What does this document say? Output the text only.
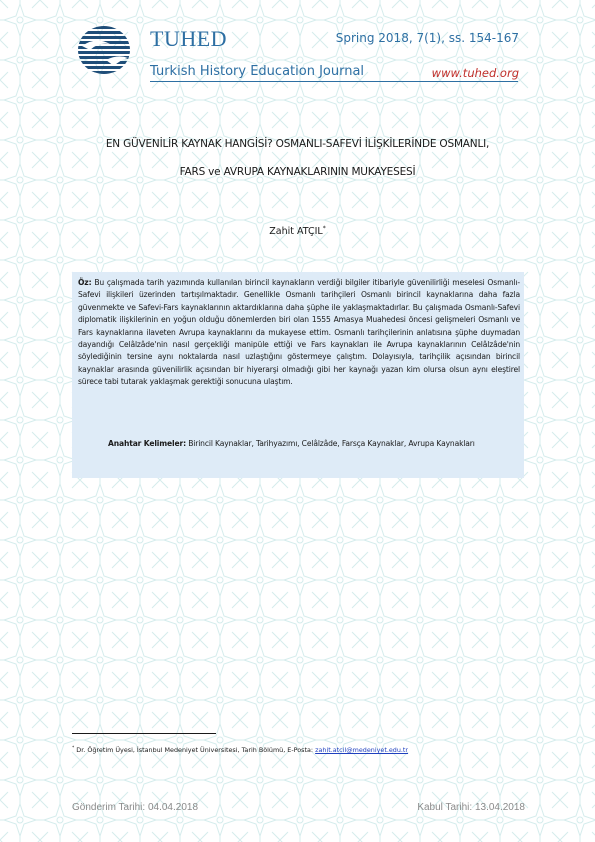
TUHED	Spring 2018, 7(1), ss. 154-167
Turkish History Education Journal	www.tuhed.org
EN GÜVENİLİR KAYNAK HANGİSİ? OSMANLI-SAFEVİ İLİŞKİLERİNDE OSMANLI,
FARS ve AVRUPA KAYNAKLARININ MUKAYESESİ
Zahit ATÇIL*
Öz: Bu çalışmada tarih yazımında kullanılan birincil kaynakların verdiği bilgiler itibariyle güvenilirliği meselesi Osmanlı-Safevi ilişkileri üzerinden tartışılmaktadır. Genellikle Osmanlı tarihçileri Osmanlı birincil kaynaklarına daha fazla güvenmekte ve Safevi-Fars kaynaklarının aktardıklarına daha şüphe ile yaklaşmaktadırlar. Bu çalışmada Osmanlı-Safevi diplomatik ilişkilerinin en yoğun olduğu dönemlerden biri olan 1555 Amasya Muahedesi öncesi gelişmeleri Osmanlı ve Fars kaynaklarına ilaveten Avrupa kaynaklarını da mukayese ettim. Osmanlı tarihçilerinin anlatısına şüphe duymadan dayandığı Celâlzâde'nin nasıl gerçekliği manipüle ettiği ve Fars kaynakları ile Avrupa kaynaklarının Celâlzâde'nin söylediğinin tersine aynı noktalarda nasıl uzlaştığını göstermeye çalıştım. Dolayısıyla, tarihçilik açısından birincil kaynaklar arasında güvenilirlik açısından bir hiyerarşi olmadığı gibi her kaynağı yazan kim olursa olsun aynı eleştirel sürece tabi tutarak yaklaşmak gerektiği sonucuna ulaştım.
Anahtar Kelimeler: Birincil Kaynaklar, Tarihyazımı, Celâlzâde, Farsça Kaynaklar, Avrupa Kaynakları
* Dr. Öğretim Üyesi, İstanbul Medeniyet Üniversitesi, Tarih Bölümü, E-Posta: zahit.atcil@medeniyet.edu.tr
Gönderim Tarihi: 04.04.2018	Kabul Tarihi: 13.04.2018
